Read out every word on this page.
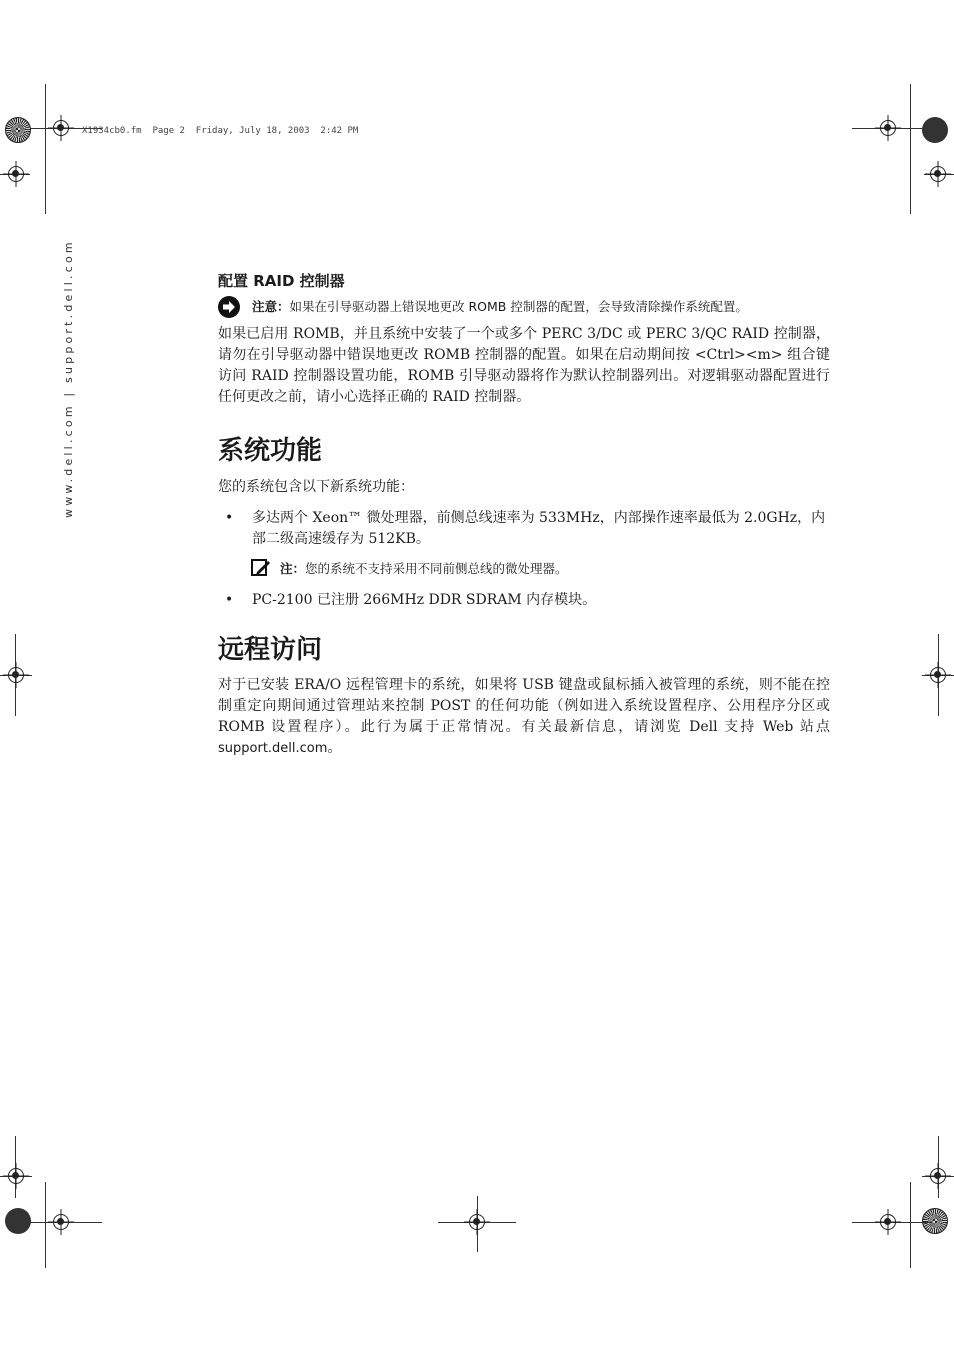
X1934cb0.fm  Page 2  Friday, July 18, 2003  2:42 PM
www.dell.com | support.dell.com	配置 RAID 控制器
注意：如果在引导驱动器上错误地更改 ROMB 控制器的配置，会导致清除操作系统配置。

如果已启用 ROMB，并且系统中安装了一个或多个 PERC 3/DC 或 PERC 3/QC RAID 控制器，请勿在引导驱动器中错误地更改 ROMB 控制器的配置。如果在启动期间按 <Ctrl><m> 组合键访问 RAID 控制器设置功能，ROMB 引导驱动器将作为默认控制器列出。对逻辑驱动器配置进行任何更改之前，请小心选择正确的 RAID 控制器。

系统功能

您的系统包含以下新系统功能：

• 多达两个 Xeon™ 微处理器，前侧总线速率为 533MHz，内部操作速率最低为 2.0GHz，内部二级高速缓存为 512KB。
注：您的系统不支持采用不同前侧总线的微处理器。
• PC-2100 已注册 266MHz DDR SDRAM 内存模块。
远程访问

对于已安装 ERA/O 远程管理卡的系统，如果将 USB 键盘或鼠标插入被管理的系统，则不能在控制重定向期间通过管理站来控制 POST 的任何功能（例如进入系统设置程序、公用程序分区或 ROMB 设置程序）。此行为属于正常情况。有关最新信息，请浏览 Dell 支持 Web 站点 support.dell.com。
